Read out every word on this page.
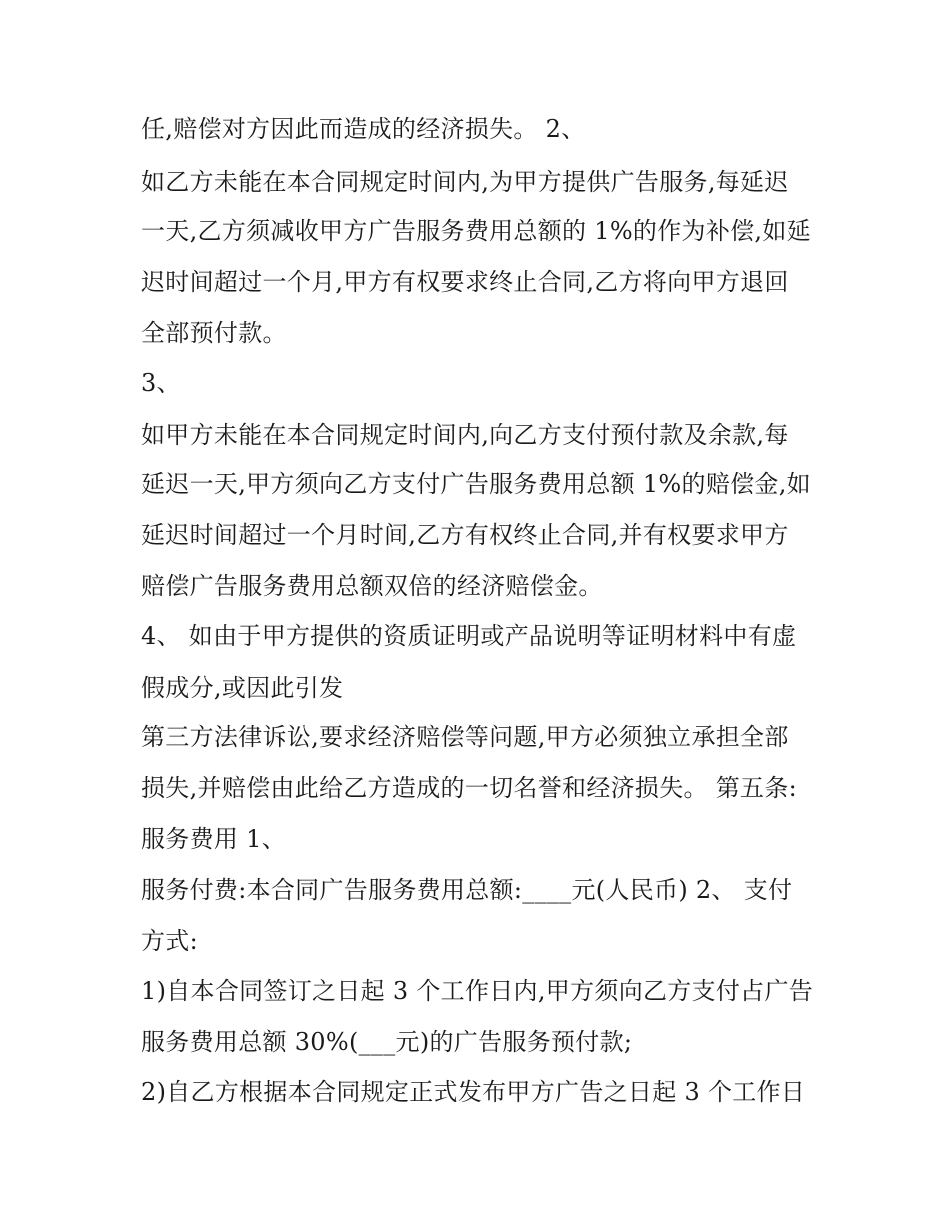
任,赔偿对方因此而造成的经济损失。 2、
如乙方未能在本合同规定时间内,为甲方提供广告服务,每延迟
一天,乙方须减收甲方广告服务费用总额的 1%的作为补偿,如延
迟时间超过一个月,甲方有权要求终止合同,乙方将向甲方退回
全部预付款。
3、
如甲方未能在本合同规定时间内,向乙方支付预付款及余款,每
延迟一天,甲方须向乙方支付广告服务费用总额 1%的赔偿金,如
延迟时间超过一个月时间,乙方有权终止合同,并有权要求甲方
赔偿广告服务费用总额双倍的经济赔偿金。
4、 如由于甲方提供的资质证明或产品说明等证明材料中有虚
假成分,或因此引发
第三方法律诉讼,要求经济赔偿等问题,甲方必须独立承担全部
损失,并赔偿由此给乙方造成的一切名誉和经济损失。 第五条:
服务费用 1、
服务付费:本合同广告服务费用总额:____元(人民币) 2、 支付
方式:
1)自本合同签订之日起 3 个工作日内,甲方须向乙方支付占广告
服务费用总额 30%(___元)的广告服务预付款;
2)自乙方根据本合同规定正式发布甲方广告之日起 3 个工作日
